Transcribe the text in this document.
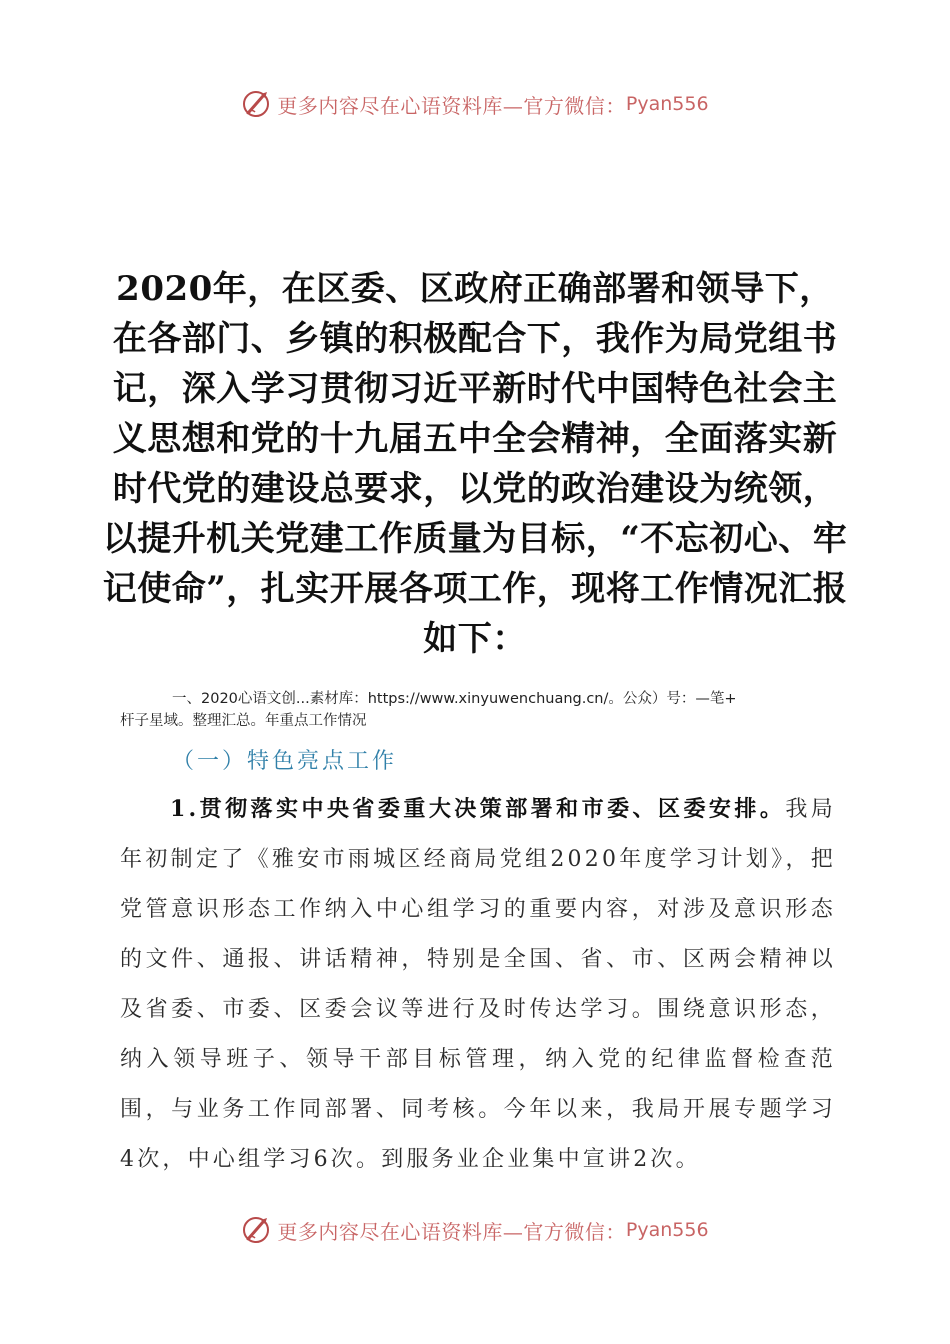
更多内容尽在心语资料库—官方微信： Pyan556
2020年，在区委、区政府正确部署和领导下，在各部门、乡镇的积极配合下，我作为局党组书记，深入学习贯彻习近平新时代中国特色社会主义思想和党的十九届五中全会精神，全面落实新时代党的建设总要求，以党的政治建设为统领，以提升机关党建工作质量为目标，“不忘初心、牢记使命”，扎实开展各项工作，现将工作情况汇报如下：
一、2020心语文创...素材库：https://www.xinyuwenchuang.cn/。公众）号：—笔+
杆子星域。整理汇总。年重点工作情况
（一）特色亮点工作
1.贯彻落实中央省委重大决策部署和市委、区委安排。我局年初制定了《雅安市雨城区经商局党组2020年度学习计划》，把党管意识形态工作纳入中心组学习的重要内容，对涉及意识形态的文件、通报、讲话精神，特别是全国、省、市、区两会精神以及省委、市委、区委会议等进行及时传达学习。围绕意识形态，纳入领导班子、领导干部目标管理，纳入党的纪律监督检查范围，与业务工作同部署、同考核。今年以来，我局开展专题学习4次，中心组学习6次。到服务业企业集中宣讲2次。
更多内容尽在心语资料库—官方微信： Pyan556
